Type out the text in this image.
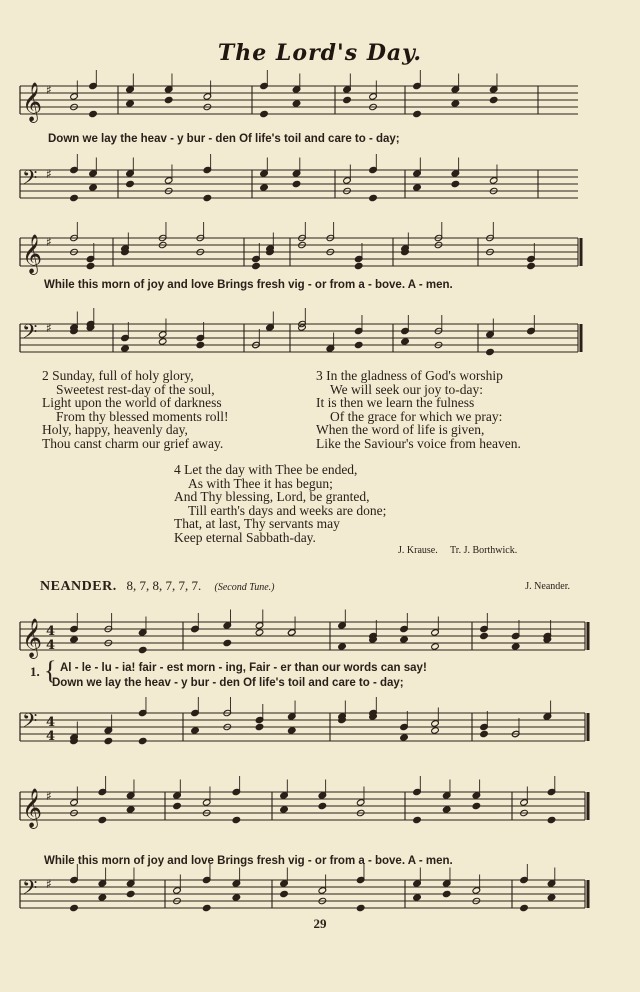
The Lord's Day.
𝄞 ♯
𝄢 ♯
𝄞 ♯
𝄢 ♯
Down we lay the heav - y bur - den Of life's toil and care to - day;
While this morn of joy and love Brings fresh vig - or from a - bove. A - men.
2 Sunday, full of holy glory,
Sweetest rest-day of the soul,
Light upon the world of darkness
From thy blessed moments roll!
Holy, happy, heavenly day,
Thou canst charm our grief away.
3 In the gladness of God's worship
We will seek our joy to-day:
It is then we learn the fulness
Of the grace for which we pray:
When the word of life is given,
Like the Saviour's voice from heaven.
4 Let the day with Thee be ended,
As with Thee it has begun;
And Thy blessing, Lord, be granted,
Till earth's days and weeks are done;
That, at last, Thy servants may
Keep eternal Sabbath-day.
J. Krause. Tr. J. Borthwick.
NEANDER. 8, 7, 8, 7, 7, 7. (Second Tune.)	J. Neander.
𝄞 4
4
𝄢 4
4
𝄞 ♯
𝄢 ♯
1. { Al - le - lu - ia! fair - est morn - ing, Fair - er than our words can say!
Down we lay the heav - y bur - den Of life's toil and care to - day;
While this morn of joy and love Brings fresh vig - or from a - bove. A - men.
29
